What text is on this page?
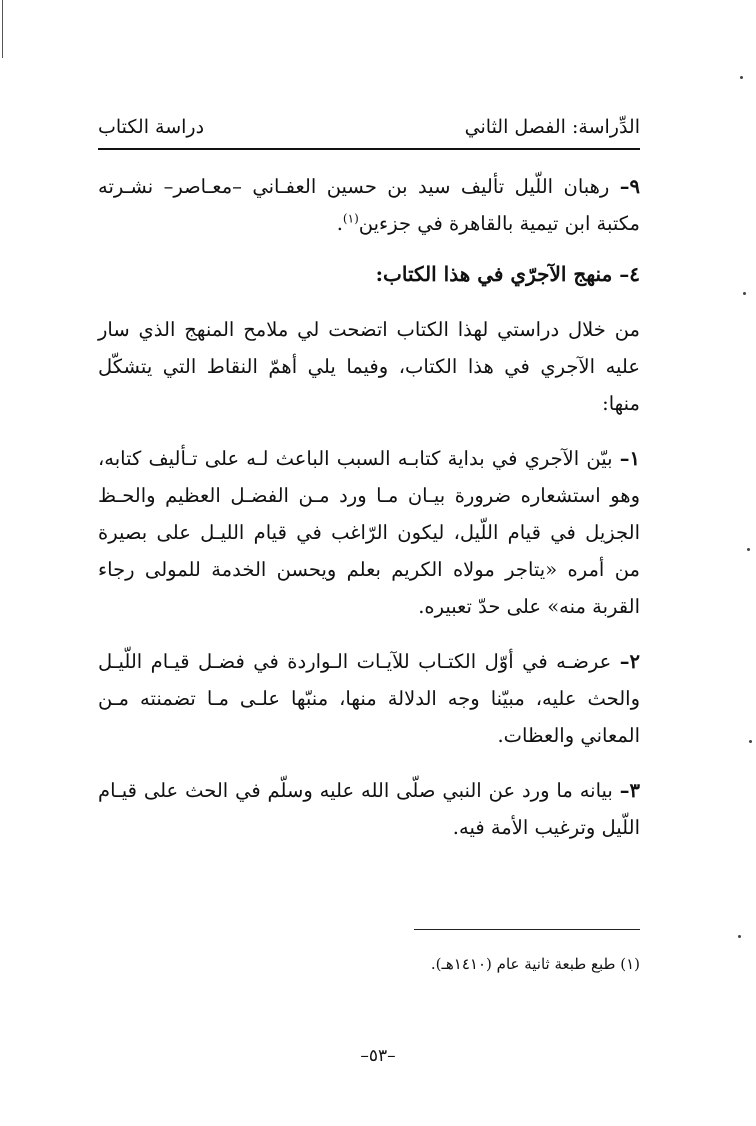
الدِّراسة: الفصل الثاني
دراسة الكتاب

٩– رهبان اللّيل تأليف سيد بن حسين العفـاني –معـاصر– نشـرته مكتبة ابن تيمية بالقاهرة في جزءين$^{(١)}$.

٤– منهج الآجرّي في هذا الكتاب:

من خلال دراستي لهذا الكتاب اتضحت لي ملامح المنهج الذي سار عليه الآجري في هذا الكتاب، وفيما يلي أهمّ النقاط التي يتشكّل منها:

١– بيّن الآجري في بداية كتابـه السبب الباعث لـه على تـأليف كتابه، وهو استشعاره ضرورة بيـان مـا ورد مـن الفضـل العظيم والحـظ الجزيل في قيام اللّيل، ليكون الرّاغب في قيام الليـل على بصيرة من أمره «يتاجر مولاه الكريم بعلم ويحسن الخدمة للمولى رجاء القربة منه» على حدّ تعبيره.

٢– عرضـه في أوّل الكتـاب للآيـات الـواردة في فضـل قيـام اللّيـل والحث عليه، مبيّنا وجه الدلالة منها، منبّها علـى مـا تضمنته مـن المعاني والعظات.

٣– بيانه ما ورد عن النبي صلّى الله عليه وسلّم في الحث على قيـام اللّيل وترغيب الأمة فيه.

(١) طبع طبعة ثانية عام (١٤١٠هـ).
–٥٣–
